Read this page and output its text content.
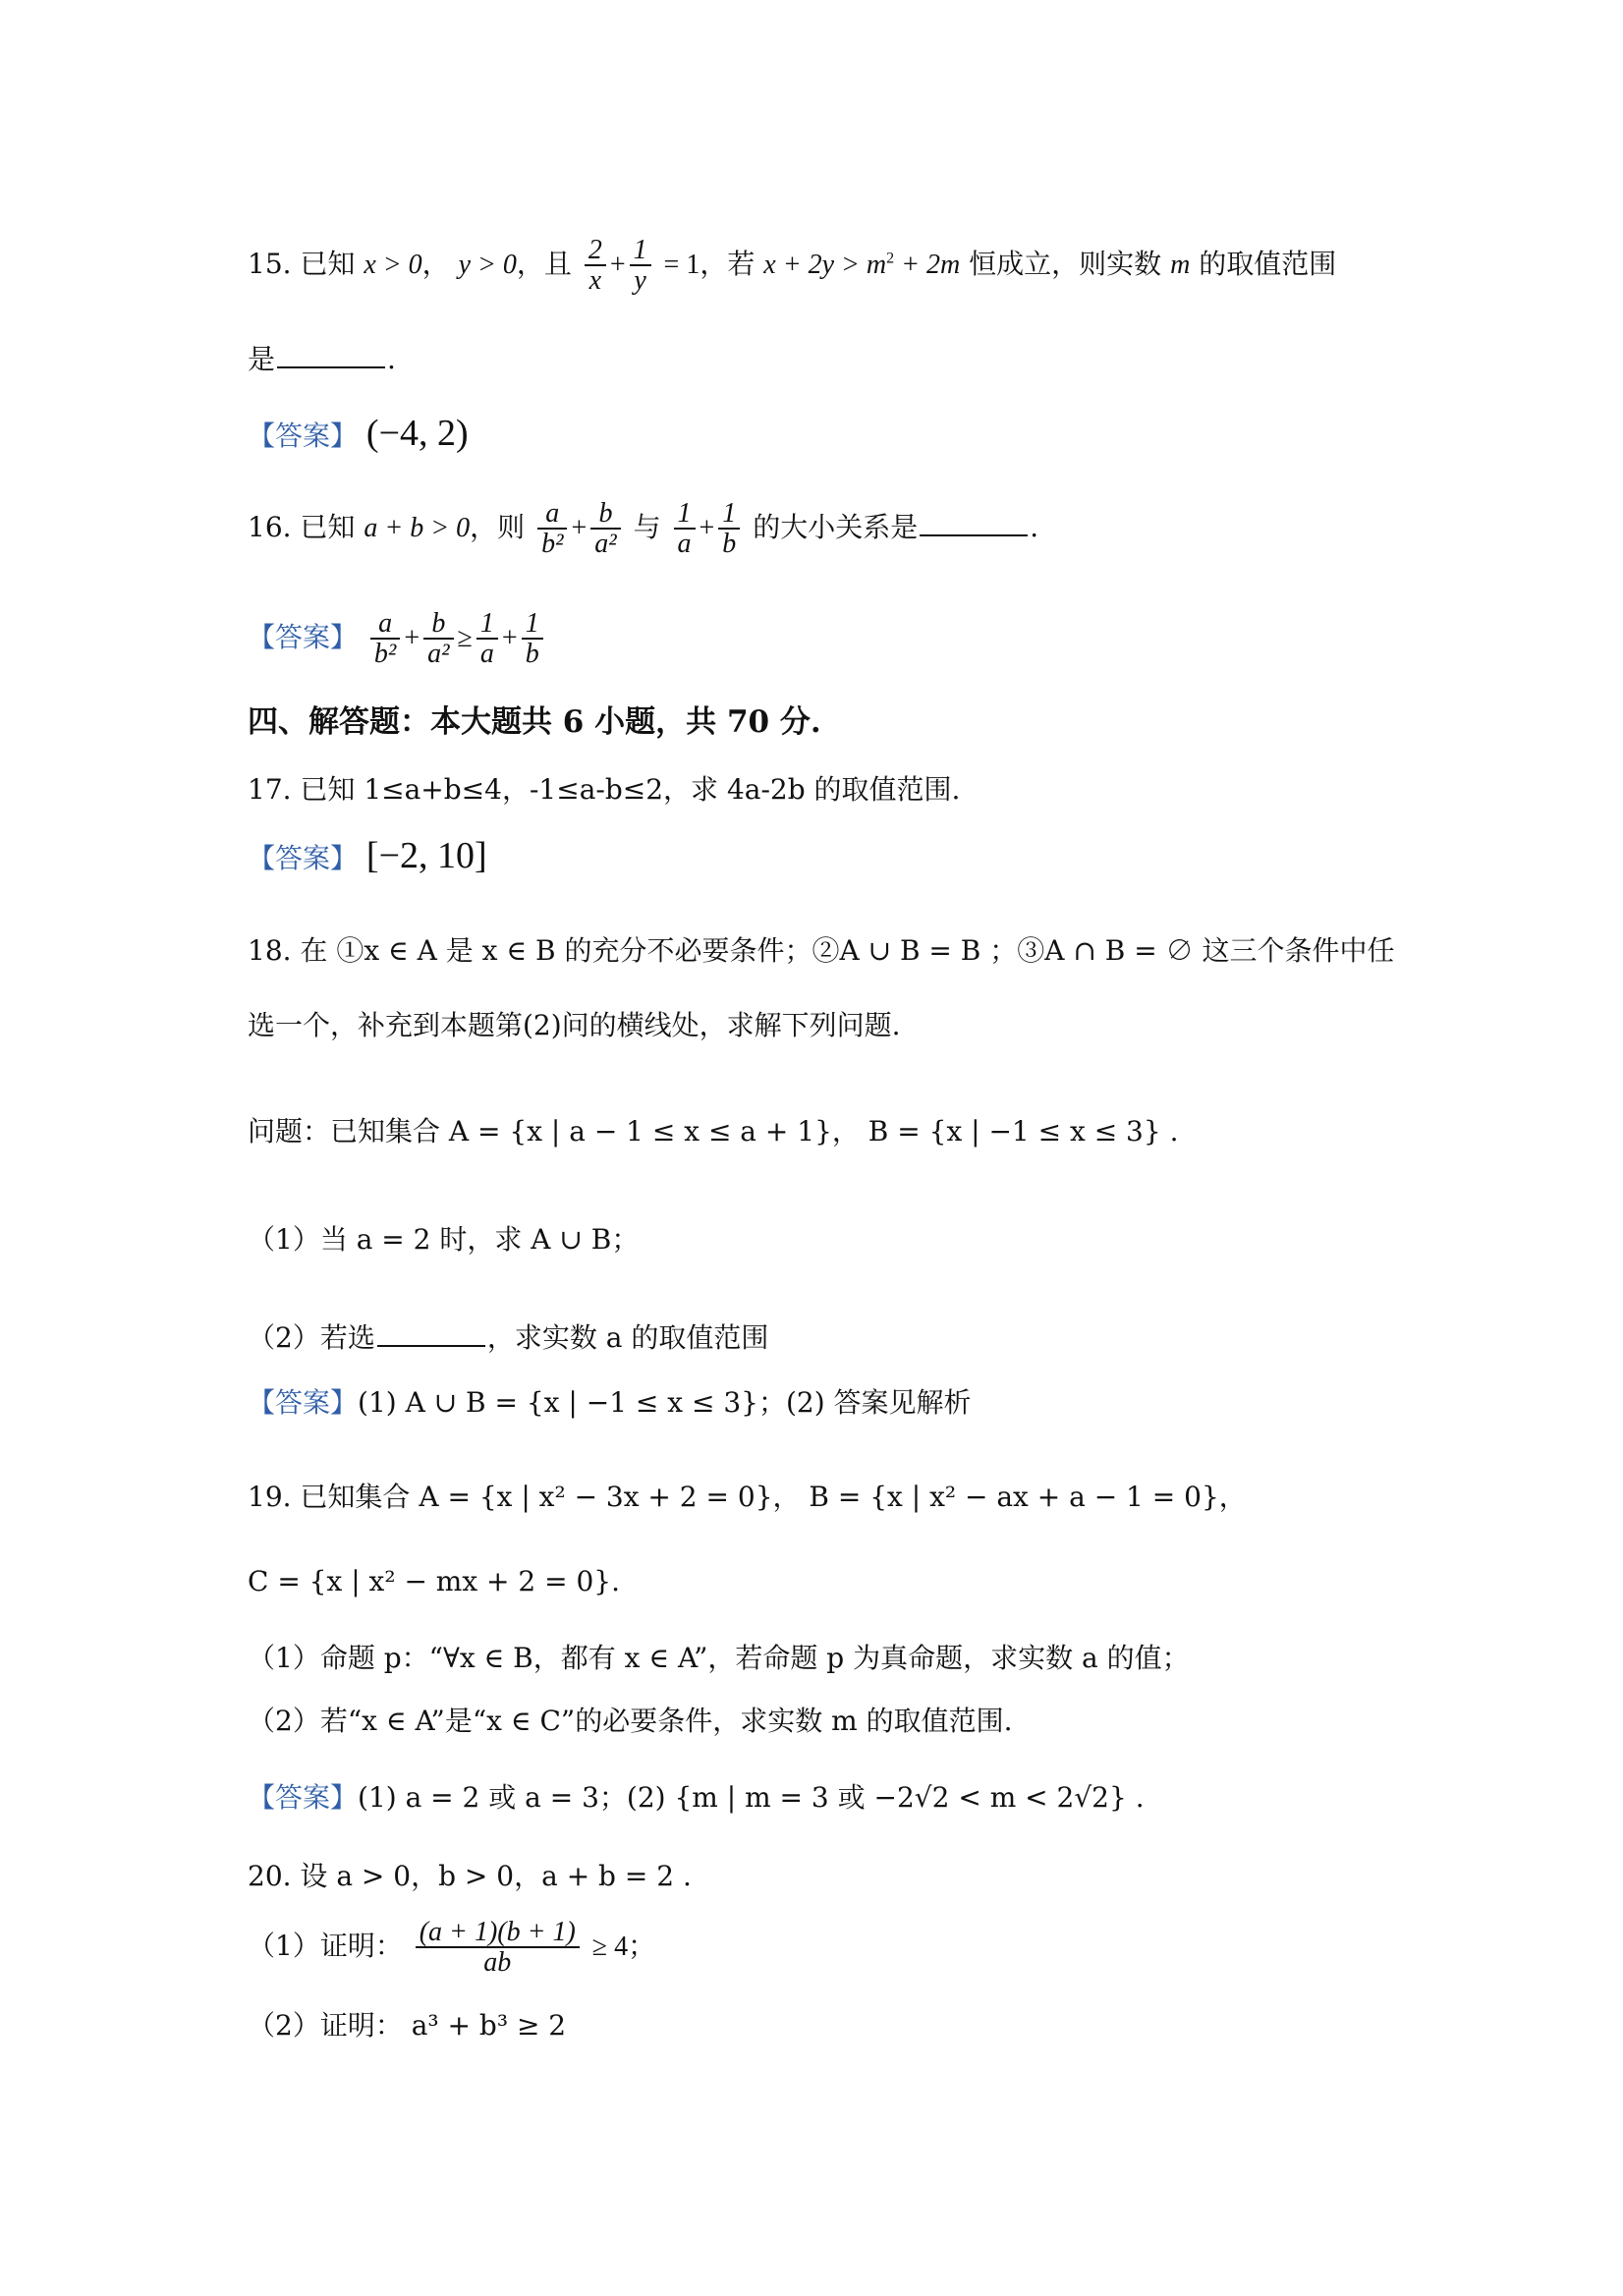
15. 已知 x > 0， y > 0，且 $\frac{2}{x} + \frac{1}{y} = 1$，若 $x + 2y > m^2 + 2m$ 恒成立，则实数 m 的取值范围
是	.
【答案】 (−4, 2)
16. 已知 a + b > 0，则 $\frac{a}{\text{b²}} + \frac{b}{\text{a²}}$ 与 $\frac{1}{a} + \frac{1}{b}$ 的大小关系是	.
【答案】 $\frac{a}{\text{b²}} + \frac{b}{\text{a²}} \ge \frac{1}{a} + \frac{1}{b}$
四、解答题：本大题共 6 小题，共 70 分.
17. 已知 1≤a+b≤4，-1≤a-b≤2，求 4a-2b 的取值范围.
【答案】 [−2, 10]
18. 在 ①x ∈ A 是 x ∈ B 的充分不必要条件；②A ∪ B = B ；③A ∩ B = ∅ 这三个条件中任
选一个，补充到本题第(2)问的横线处，求解下列问题.
问题：已知集合 A = {x | a − 1 ≤ x ≤ a + 1}， B = {x | −1 ≤ x ≤ 3} .
（1）当 a = 2 时，求 A ∪ B；
（2）若选	，求实数 a 的取值范围
【答案】(1) A ∪ B = {x | −1 ≤ x ≤ 3}；(2) 答案见解析
19. 已知集合 A = {x | x² − 3x + 2 = 0}， B = {x | x² − ax + a − 1 = 0}，
C = {x | x² − mx + 2 = 0}.
（1）命题 p：“∀x ∈ B，都有 x ∈ A”，若命题 p 为真命题，求实数 a 的值；
（2）若“x ∈ A”是“x ∈ C”的必要条件，求实数 m 的取值范围.
【答案】(1) a = 2 或 a = 3；(2) {m | m = 3 或 −2√2 < m < 2√2} .
20. 设 a > 0，b > 0，a + b = 2 .
（1）证明： $\frac{(a + 1)(b + 1)}{ab} \ge 4$；
（2）证明： a³ + b³ ≥ 2
